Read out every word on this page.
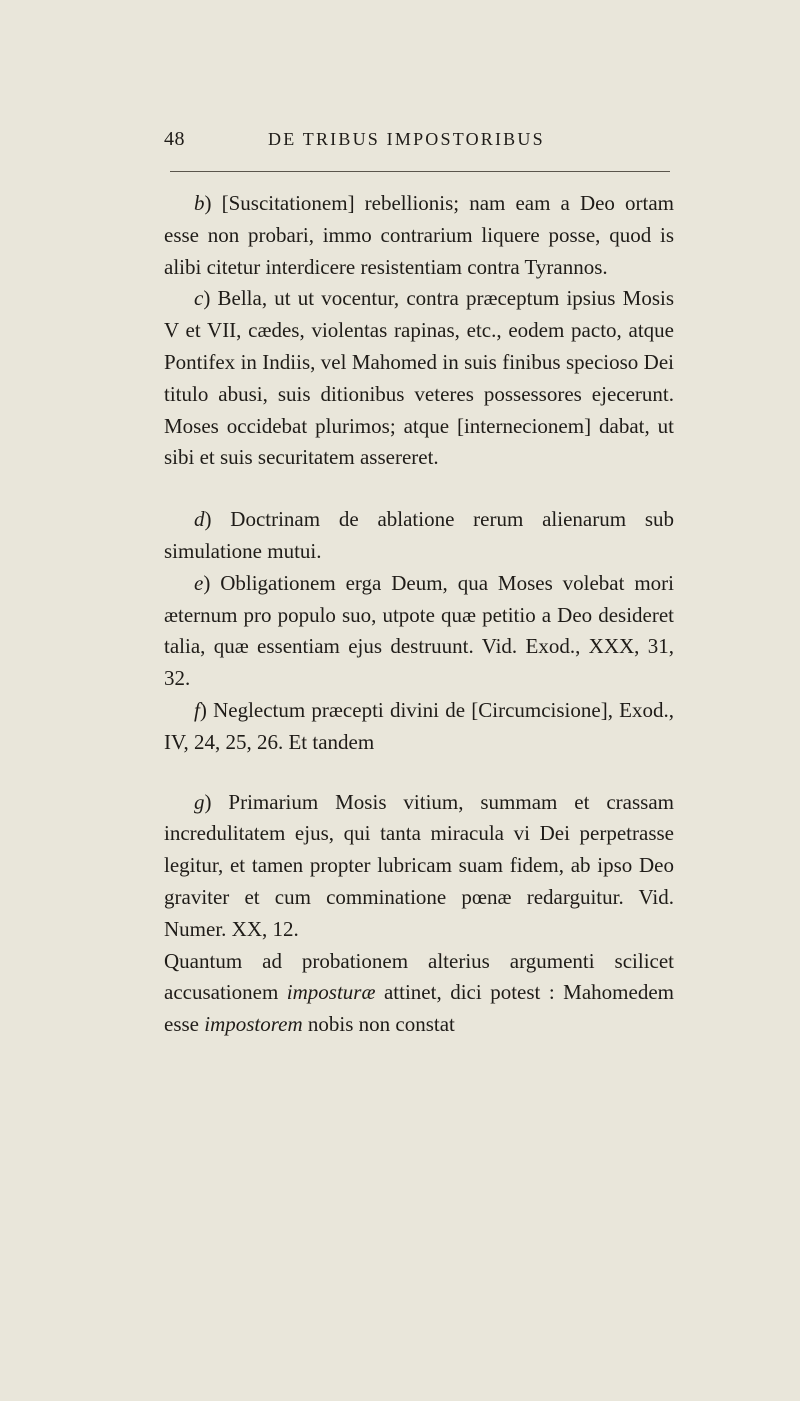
48	DE TRIBUS IMPOSTORIBUS

b) [Suscitationem] rebellionis; nam eam a Deo ortam esse non probari, immo contrarium liquere posse, quod is alibi citetur interdicere resistentiam contra Tyrannos.

c) Bella, ut ut vocentur, contra præceptum ipsius Mosis V et VII, cædes, violentas rapinas, etc., eodem pacto, atque Pontifex in Indiis, vel Mahomed in suis finibus specioso Dei titulo abusi, suis ditionibus veteres possessores ejecerunt. Moses occidebat plurimos; atque [internecionem] dabat, ut sibi et suis securitatem assereret.

d) Doctrinam de ablatione rerum alienarum sub simulatione mutui.

e) Obligationem erga Deum, qua Moses volebat mori æternum pro populo suo, utpote quæ petitio a Deo desideret talia, quæ essentiam ejus destruunt. Vid. Exod., XXX, 31, 32.

f) Neglectum præcepti divini de [Circumcisione], Exod., IV, 24, 25, 26. Et tandem

g) Primarium Mosis vitium, summam et crassam incredulitatem ejus, qui tanta miracula vi Dei perpetrasse legitur, et tamen propter lubricam suam fidem, ab ipso Deo graviter et cum comminatione pœnæ redarguitur. Vid. Numer. XX, 12.

Quantum ad probationem alterius argumenti scilicet accusationem imposturæ attinet, dici potest : Mahomedem esse impostorem nobis non constat
